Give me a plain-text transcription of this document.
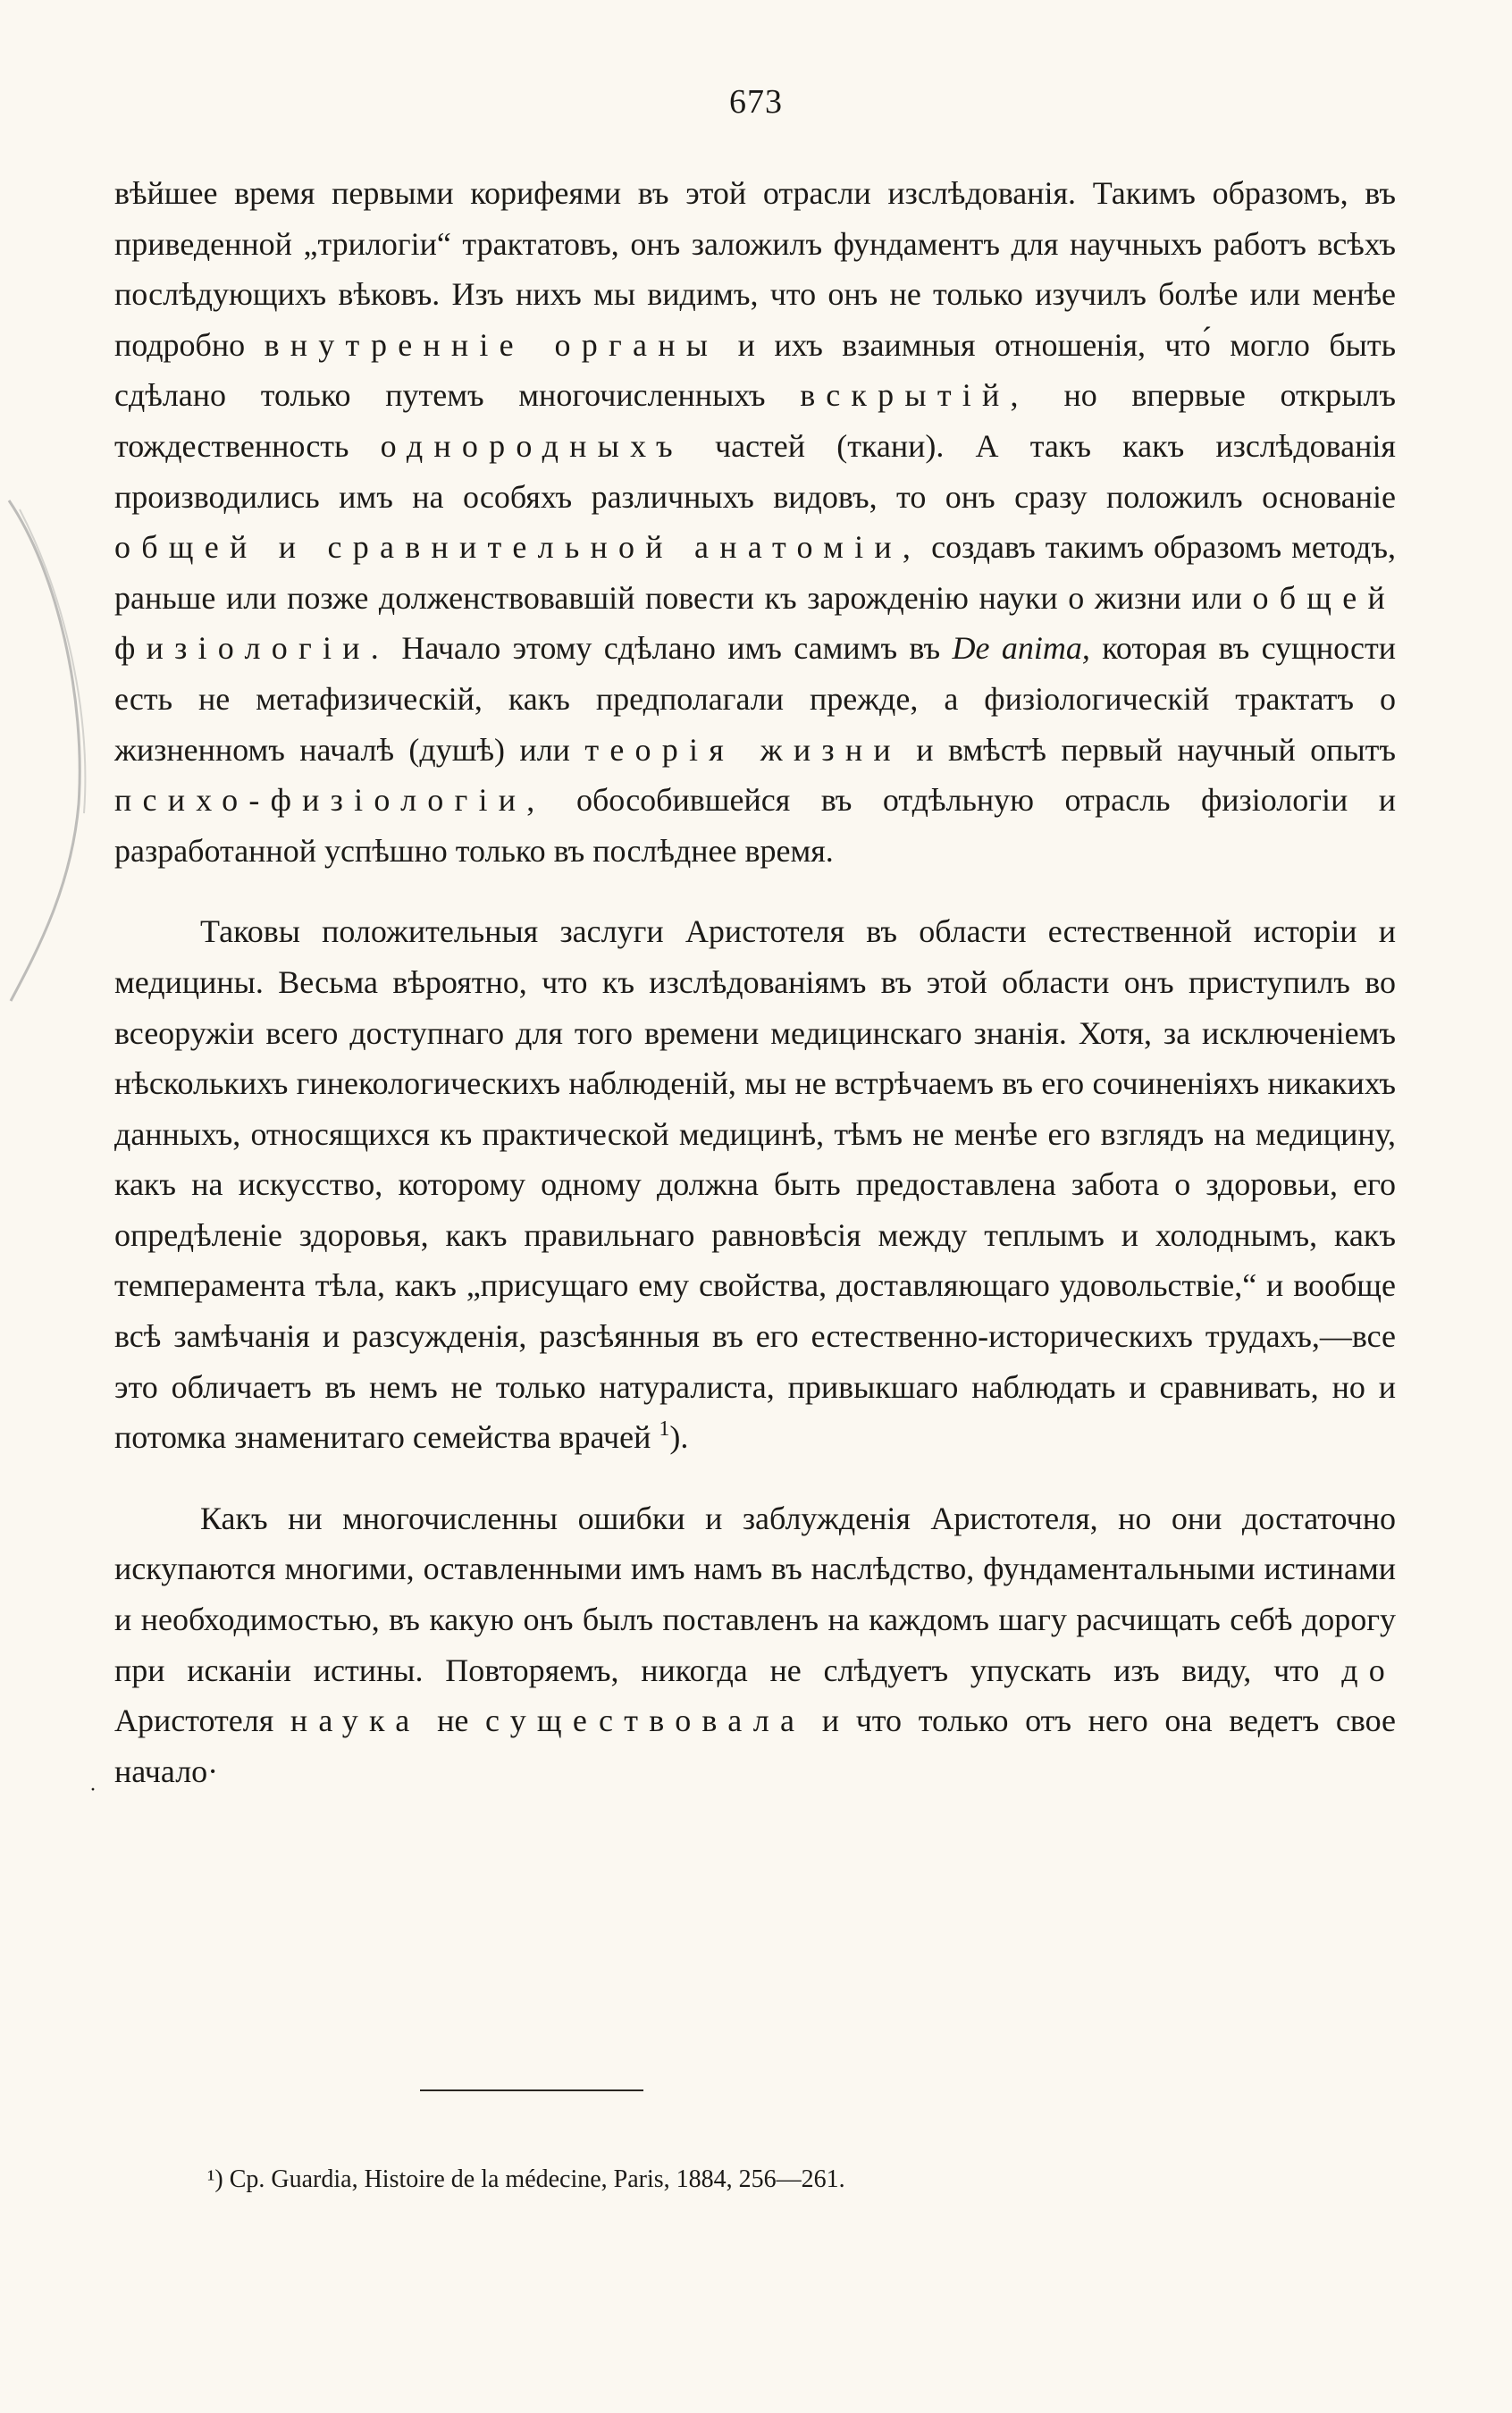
673
·

вѣйшее время первыми корифеями въ этой отрасли изслѣдованія. Такимъ образомъ, въ приведенной „трилогіи“ трактатовъ, онъ заложилъ фундаментъ для научныхъ работъ всѣхъ послѣдующихъ вѣковъ. Изъ нихъ мы видимъ, что онъ не только изучилъ болѣе или менѣе подробно внутренніе органы и ихъ взаимныя отношенія, что́ могло быть сдѣлано только путемъ многочисленныхъ вскрытій, но впервые открылъ тождественность однородныхъ частей (ткани). А такъ какъ изслѣдованія производились имъ на особяхъ различныхъ видовъ, то онъ сразу положилъ основаніе общей и сравнительной анатоміи, создавъ такимъ образомъ методъ, раньше или позже долженствовавшій повести къ зарожденію науки о жизни или общей физіологіи. Начало этому сдѣлано имъ самимъ въ De anima, которая въ сущности есть не метафизическій, какъ предполагали прежде, а физіологическій трактатъ о жизненномъ началѣ (душѣ) или теорія жизни и вмѣстѣ первый научный опытъ психо-физіологіи, обособившейся въ отдѣльную отрасль физіологіи и разработанной успѣшно только въ послѣднее время.

Таковы положительныя заслуги Аристотеля въ области естественной исторіи и медицины. Весьма вѣроятно, что къ изслѣдованіямъ въ этой области онъ приступилъ во всеоружіи всего доступнаго для того времени медицинскаго знанія. Хотя, за исключеніемъ нѣсколькихъ гинекологическихъ наблюденій, мы не встрѣчаемъ въ его сочиненіяхъ никакихъ данныхъ, относящихся къ практической медицинѣ, тѣмъ не менѣе его взглядъ на медицину, какъ на искусство, которому одному должна быть предоставлена забота о здоровьи, его опредѣленіе здоровья, какъ правильнаго равновѣсія между теплымъ и холоднымъ, какъ темперамента тѣла, какъ „присущаго ему свойства, доставляющаго удовольствіе,“ и вообще всѣ замѣчанія и разсужденія, разсѣянныя въ его естественно-историческихъ трудахъ,—все это обличаетъ въ немъ не только натуралиста, привыкшаго наблюдать и сравнивать, но и потомка знаменитаго семейства врачей $^1$).

Какъ ни многочисленны ошибки и заблужденія Аристотеля, но они достаточно искупаются многими, оставленными имъ намъ въ наслѣдство, фундаментальными истинами и необходимостью, въ какую онъ былъ поставленъ на каждомъ шагу расчищать себѣ дорогу при исканіи истины. Повторяемъ, никогда не слѣдуетъ упускать изъ виду, что до Аристотеля наука не существовала и что только отъ него она ведетъ свое начало·

¹) Cp. Guardia, Histoire de la médecine, Paris, 1884, 256—261.
